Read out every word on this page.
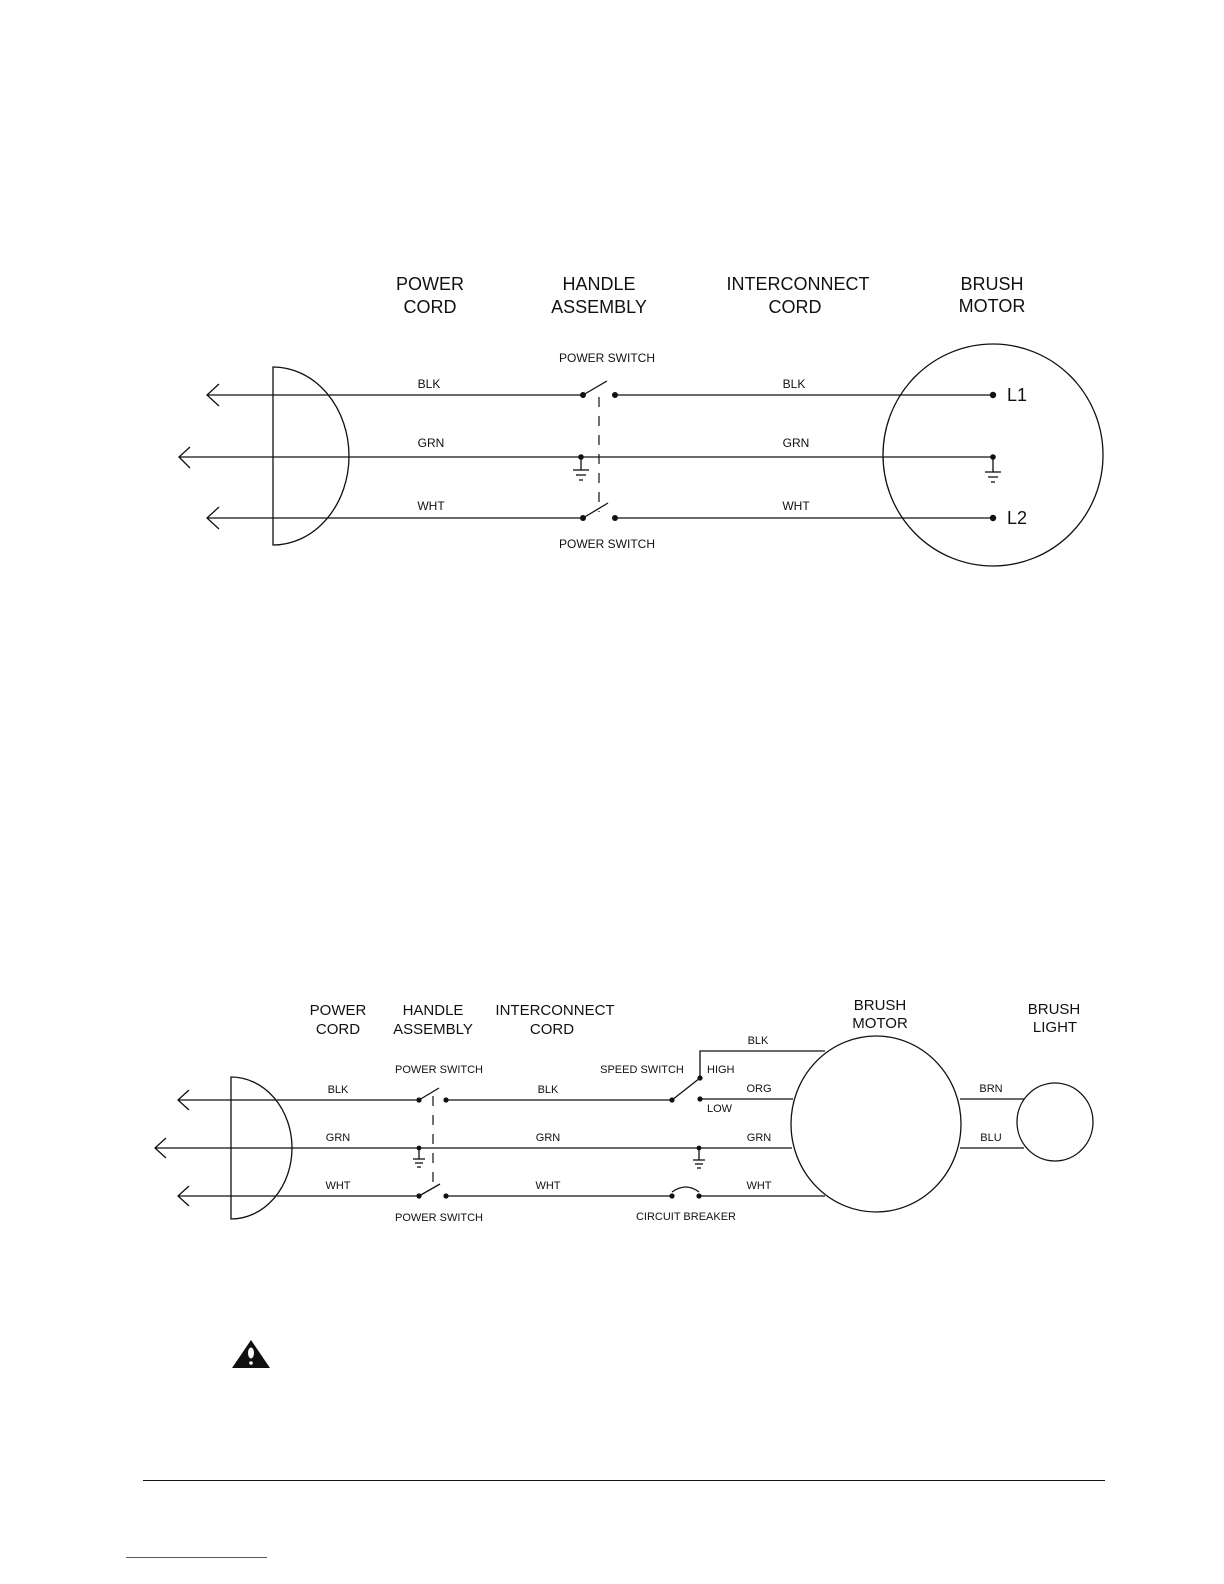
POWER
CORD
HANDLE
ASSEMBLY
INTERCONNECT
CORD
BRUSH
MOTOR
POWER SWITCH
POWER SWITCH
BLK
GRN
WHT
BLK
GRN
WHT
L1
L2
POWER
CORD
HANDLE
ASSEMBLY
INTERCONNECT
CORD
BRUSH
MOTOR
BRUSH
LIGHT
POWER SWITCH
POWER SWITCH
SPEED SWITCH HIGH
LOW
CIRCUIT BREAKER
BLK
GRN
WHT
BLK
GRN
WHT
BLK
ORG
GRN
WHT
BRN
BLU
